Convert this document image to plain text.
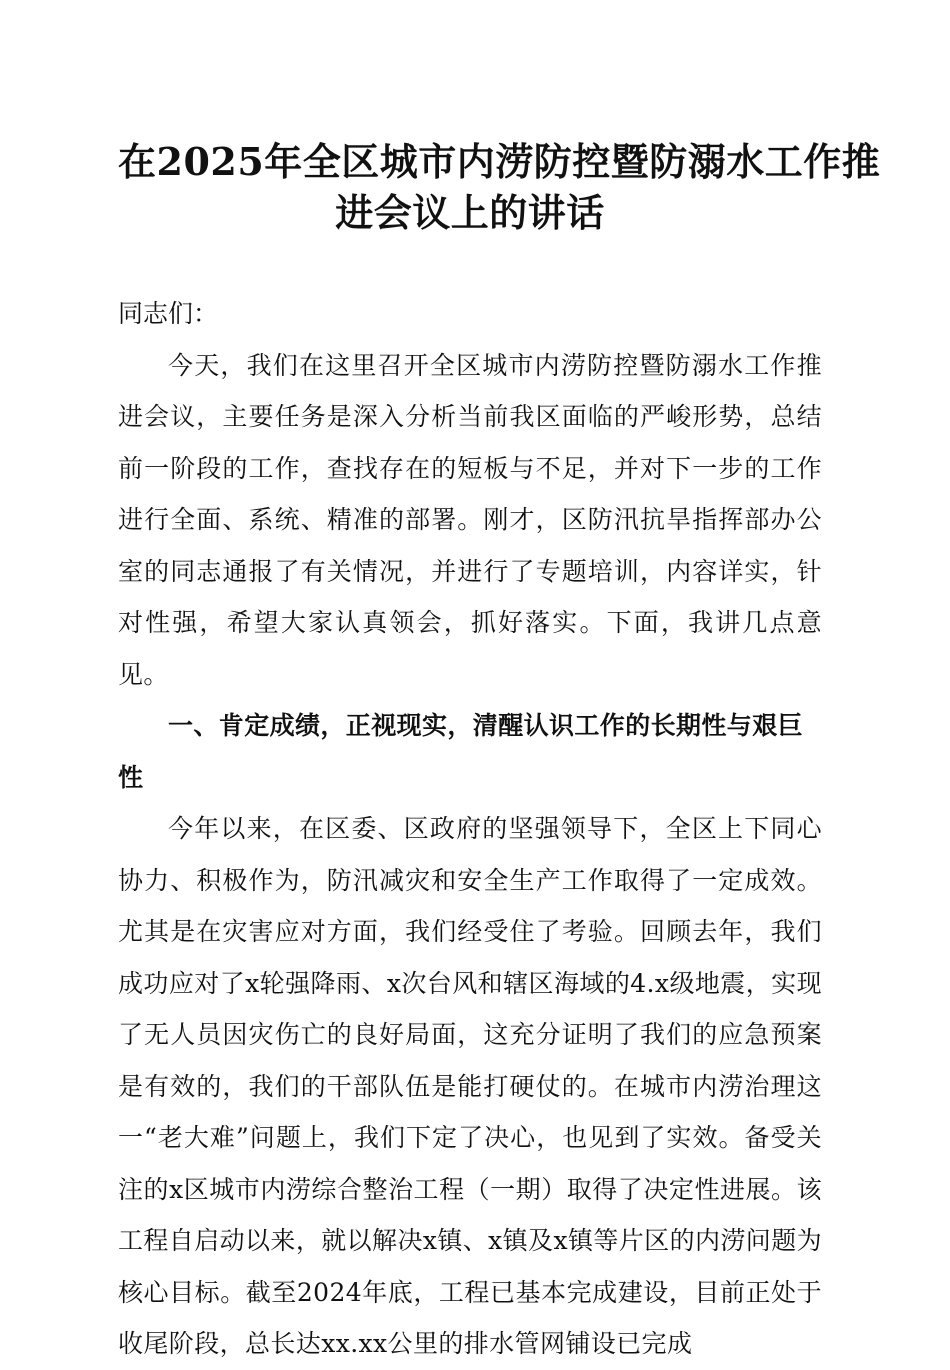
在2025年全区城市内涝防控暨防溺水工作推
进会议上的讲话

同志们：

今天，我们在这里召开全区城市内涝防控暨防溺水工作推进会议，主要任务是深入分析当前我区面临的严峻形势，总结前一阶段的工作，查找存在的短板与不足，并对下一步的工作进行全面、系统、精准的部署。刚才，区防汛抗旱指挥部办公室的同志通报了有关情况，并进行了专题培训，内容详实，针对性强，希望大家认真领会，抓好落实。下面，我讲几点意见。

一、肯定成绩，正视现实，清醒认识工作的长期性与艰巨性

今年以来，在区委、区政府的坚强领导下，全区上下同心协力、积极作为，防汛减灾和安全生产工作取得了一定成效。尤其是在灾害应对方面，我们经受住了考验。回顾去年，我们成功应对了x轮强降雨、x次台风和辖区海域的4.x级地震，实现了无人员因灾伤亡的良好局面，这充分证明了我们的应急预案是有效的，我们的干部队伍是能打硬仗的。在城市内涝治理这一“老大难”问题上，我们下定了决心，也见到了实效。备受关注的x区城市内涝综合整治工程（一期）取得了决定性进展。该工程自启动以来，就以解决x镇、x镇及x镇等片区的内涝问题为核心目标。截至2024年底，工程已基本完成建设，目前正处于收尾阶段，总长达xx.xx公里的排水管网铺设已完成
